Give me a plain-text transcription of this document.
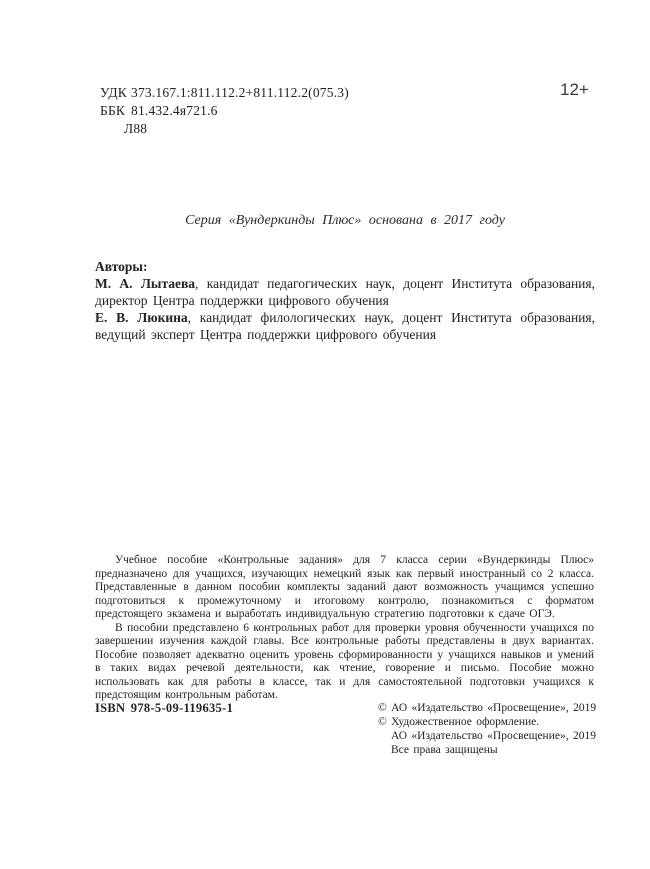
УДК 373.167.1:811.112.2+811.112.2(075.3)
ББК 81.432.4я721.6
Л88
12+
Серия «Вундеркинды Плюс» основана в 2017 году
Авторы:

М. А. Лытаева, кандидат педагогических наук, доцент Института образования, директор Центра поддержки цифрового обучения

Е. В. Люкина, кандидат филологических наук, доцент Института образования, ведущий эксперт Центра поддержки цифрового обучения

Учебное пособие «Контрольные задания» для 7 класса серии «Вундеркинды Плюс» предназначено для учащихся, изучающих немецкий язык как первый иностранный со 2 класса. Представленные в данном пособии комплекты заданий дают возможность учащимся успешно подготовиться к промежуточному и итоговому контролю, познакомиться с форматом предстоящего экзамена и выработать индивидуальную стратегию подготовки к сдаче ОГЭ.

В пособии представлено 6 контрольных работ для проверки уровня обученности учащихся по завершении изучения каждой главы. Все контрольные работы представлены в двух вариантах. Пособие позволяет адекватно оценить уровень сформированности у учащихся навыков и умений в таких видах речевой деятельности, как чтение, говорение и письмо. Пособие можно использовать как для работы в классе, так и для самостоятельной подготовки учащихся к предстоящим контрольным работам.

ISBN 978-5-09-119635-1	© АО «Издательство «Просвещение», 2019
© Художественное оформление.
АО «Издательство «Просвещение», 2019
Все права защищены
